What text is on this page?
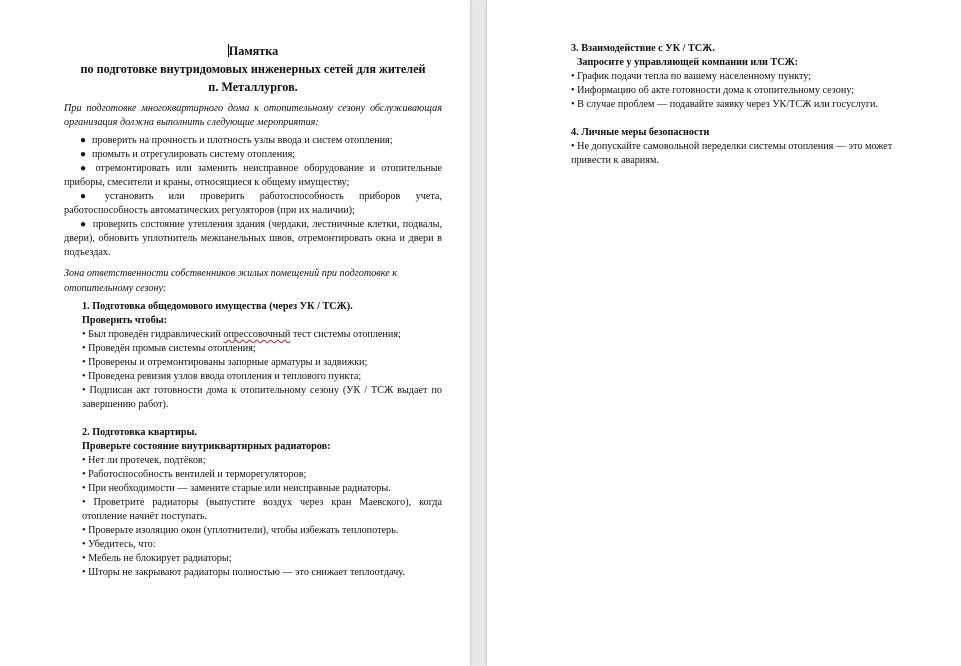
Памятка

по подготовке внутридомовых инженерных сетей для жителей

п. Металлургов.

При подготовке многоквартирного дома к отопительному сезону обслуживающая организация должна выполнить следующие мероприятия:

● проверить на прочность и плотность узлы ввода и систем отопления;
● промыть и отрегулировать систему отопления;
● отремонтировать или заменить неисправное оборудование и отопительные приборы, смесители и краны, относящиеся к общему имуществу;
● установить или проверить работоспособность приборов учета, работоспособность автоматических регуляторов (при их наличии);
● проверить состояние утепления здания (чердаки, лестничные клетки, подвалы, двери), обновить уплотнитель межпанельных швов, отремонтировать окна и двери в подъездах.

Зона ответственности собственников жилых помещений при подготовке к отопительному сезону:

1. Подготовка общедомового имущества (через УК / ТСЖ).

Проверить чтобы:

• Был проведён гидравлический опрессовочный тест системы отопления;

• Проведён промыв системы отопления;

• Проверены и отремонтированы запорные арматуры и задвижки;

• Проведена ревизия узлов ввода отопления и теплового пункта;

• Подписан акт готовности дома к отопительному сезону (УК / ТСЖ выдает по завершению работ).

2. Подготовка квартиры.

Проверьте состояние внутриквартирных радиаторов:

• Нет ли протечек, подтёков;

• Работоспособность вентилей и терморегуляторов;

• При необходимости — замените старые или неисправные радиаторы.

• Проветрите радиаторы (выпустите воздух через кран Маевского), когда отопление начнёт поступать.

• Проверьте изоляцию окон (уплотнители), чтобы избежать теплопотерь.

• Убедитесь, что:

• Мебель не блокирует радиаторы;

• Шторы не закрывают радиаторы полностью — это снижает теплоотдачу.

3. Взаимодействие с УК / ТСЖ.

Запросите у управляющей компании или ТСЖ:

• График подачи тепла по вашему населенному пункту;

• Информацию об акте готовности дома к отопительному сезону;

• В случае проблем — подавайте заявку через УК/ТСЖ или госуслуги.

4. Личные меры безопасности

• Не допускайте самовольной переделки системы отопления — это может привести к авариям.
